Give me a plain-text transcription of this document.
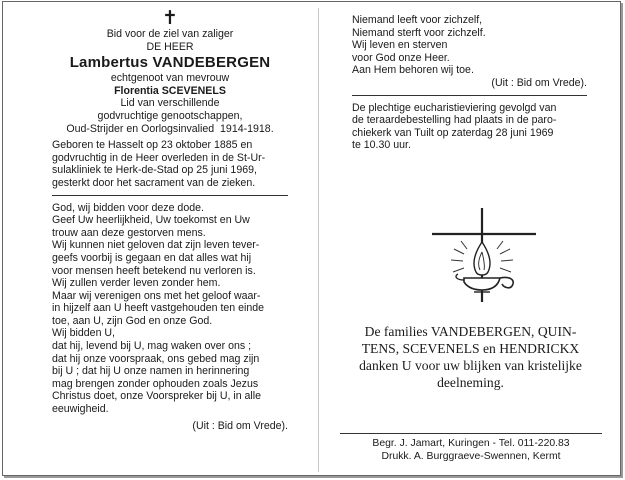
✝

Bid voor de ziel van zaliger

DE HEER

Lambertus VANDEBERGEN

echtgenoot van mevrouw

Florentia SCEVENELS

Lid van verschillende

godvruchtige genootschappen,

Oud-Strijder en Oorlogsinvalied 1914-1918.

Geboren te Hasselt op 23 oktober 1885 en

godvruchtig in de Heer overleden in de St-Ur-

sulakliniek te Herk-de-Stad op 25 juni 1969,

gesterkt door het sacrament van de zieken.

God, wij bidden voor deze dode.

Geef Uw heerlijkheid, Uw toekomst en Uw

trouw aan deze gestorven mens.

Wij kunnen niet geloven dat zijn leven tever-

geefs voorbij is gegaan en dat alles wat hij

voor mensen heeft betekend nu verloren is.

Wij zullen verder leven zonder hem.

Maar wij verenigen ons met het geloof waar-

in hijzelf aan U heeft vastgehouden ten einde

toe, aan U, zijn God en onze God.

Wij bidden U,

dat hij, levend bij U, mag waken over ons ;

dat hij onze voorspraak, ons gebed mag zijn

bij U ; dat hij U onze namen in herinnering

mag brengen zonder ophouden zoals Jezus

Christus doet, onze Voorspreker bij U, in alle

eeuwigheid.

(Uit : Bid om Vrede).

Niemand leeft voor zichzelf,

Niemand sterft voor zichzelf.

Wij leven en sterven

voor God onze Heer.

Aan Hem behoren wij toe.

(Uit : Bid om Vrede).

De plechtige eucharistieviering gevolgd van

de teraardebestelling had plaats in de paro-

chiekerk van Tuilt op zaterdag 28 juni 1969

te 10.30 uur.

De families VANDEBERGEN, QUIN-

TENS, SCEVENELS en HENDRICKX

danken U voor uw blijken van kristelijke

deelneming.

Begr. J. Jamart, Kuringen - Tel. 011-220.83

Drukk. A. Burggraeve-Swennen, Kermt
